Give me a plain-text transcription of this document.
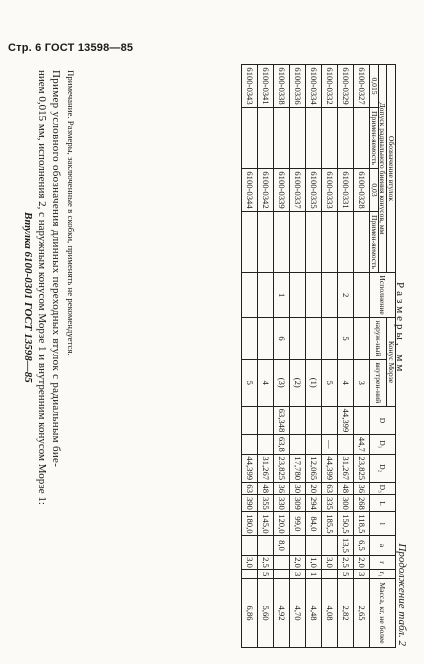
Стр. 6 ГОСТ 13598—85
Продолжение табл. 2
Обозначение втулок				Исполнение	Конус Морзе		D	D₁	D₂	D₃	L	l	a	r	r₁	Масса, кг, не более
Допуск радиального биения конусов, мм					наруж-ный	внутрен-ний										
0,015	Примен-яемость	0,03	Примен-яемость													
6100-0327		6100-0328				3		44,7	23,825	36	268	118,5	6,5	2,0	3	2,65
6100-0329		6100-0331		2	5	4	44,399		31,267	48	300	150,5	13,5	2,5	5	2,82
6100-0332		6100-0333				5		—	44,399	63	335	185,5		3,0		4,08
6100-0334		6100-0335				(1)			12,065	20	294	84,0		1,0	1	4,48
6100-0336		6100-0337				(2)			17,780	30	309	99,0		2,0	3	4,70
6100-0338		6100-0339		1	6	(3)	63,348	63,8	23,825	36	330	120,0	8,0			4,92
6100-0341		6100-0342				4			31,267	48	355	145,0		2,5	5	5,60
6100-0343		6100-0344				5			44,399	63	390	180,0		3,0		6,86
Размеры, мм
Примечание. Размеры, заключенные в скобки, применять не рекомендуется.
Пример условного обозначения длинных переходных втулок с радиальным бие-
нием 0,015 мм, исполнения 2, с наружным конусом Морзе 1 и внутренним конусом Морзе 1:
Втулка 6100-0301 ГОСТ 13598—85
